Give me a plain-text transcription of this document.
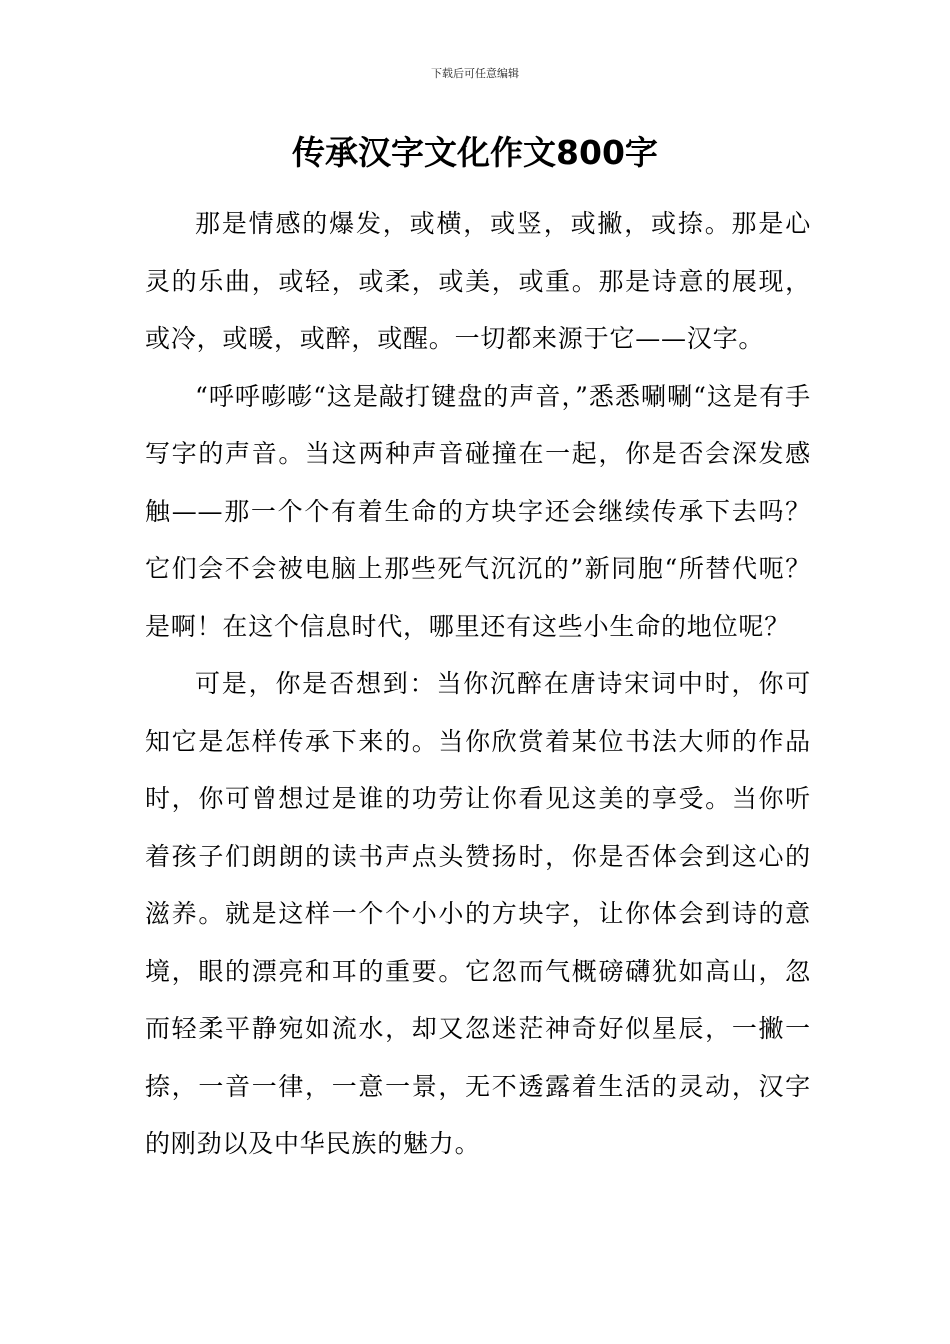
下载后可任意编辑
传承汉字文化作文800字

那是情感的爆发，或横，或竖，或撇，或捺。那是心灵的乐曲，或轻，或柔，或美，或重。那是诗意的展现，或冷，或暖，或醉，或醒。一切都来源于它——汉字。

“呼呼嘭嘭“这是敲打键盘的声音，”悉悉唰唰“这是有手写字的声音。当这两种声音碰撞在一起，你是否会深发感触——那一个个有着生命的方块字还会继续传承下去吗？它们会不会被电脑上那些死气沉沉的”新同胞“所替代呃？是啊！在这个信息时代，哪里还有这些小生命的地位呢？

可是，你是否想到：当你沉醉在唐诗宋词中时，你可知它是怎样传承下来的。当你欣赏着某位书法大师的作品时，你可曾想过是谁的功劳让你看见这美的享受。当你听着孩子们朗朗的读书声点头赞扬时，你是否体会到这心的滋养。就是这样一个个小小的方块字，让你体会到诗的意境，眼的漂亮和耳的重要。它忽而气概磅礴犹如高山，忽而轻柔平静宛如流水，却又忽迷茫神奇好似星辰，一撇一捺，一音一律，一意一景，无不透露着生活的灵动，汉字的刚劲以及中华民族的魅力。
